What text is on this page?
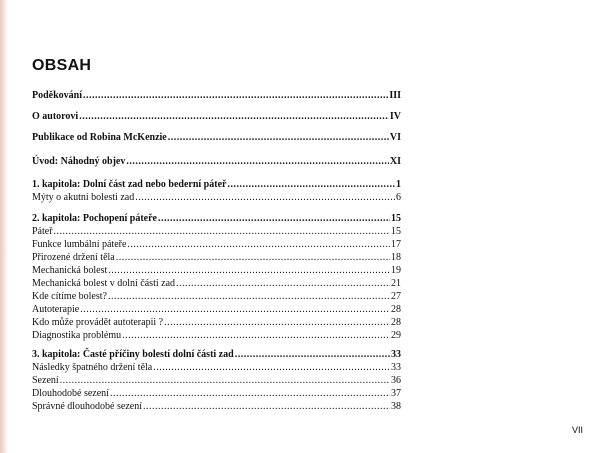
OBSAH
Poděkování .....	III
O autorovi .....	IV
Publikace od Robina McKenzie .....	VI
Úvod: Náhodný objev .....	XI
1. kapitola: Dolní část zad nebo bederní páteř .....	1
Mýty o akutní bolesti zad .....	6
2. kapitola: Pochopení páteře .....	15
Páteř .....	15
Funkce lumbální páteře .....	17
Přirozené držení těla .....	18
Mechanická bolest .....	19
Mechanická bolest v dolní části zad .....	21
Kde cítíme bolest? .....	27
Autoterapie .....	28
Kdo může provádět autoterapii ? .....	28
Diagnostika problému .....	29
3. kapitola: Časté příčiny bolestí dolní části zad .....	33
Následky špatného držení těla .....	33
Sezení .....	36
Dlouhodobé sezení .....	37
Správné dlouhodobé sezení .....	38
VII
